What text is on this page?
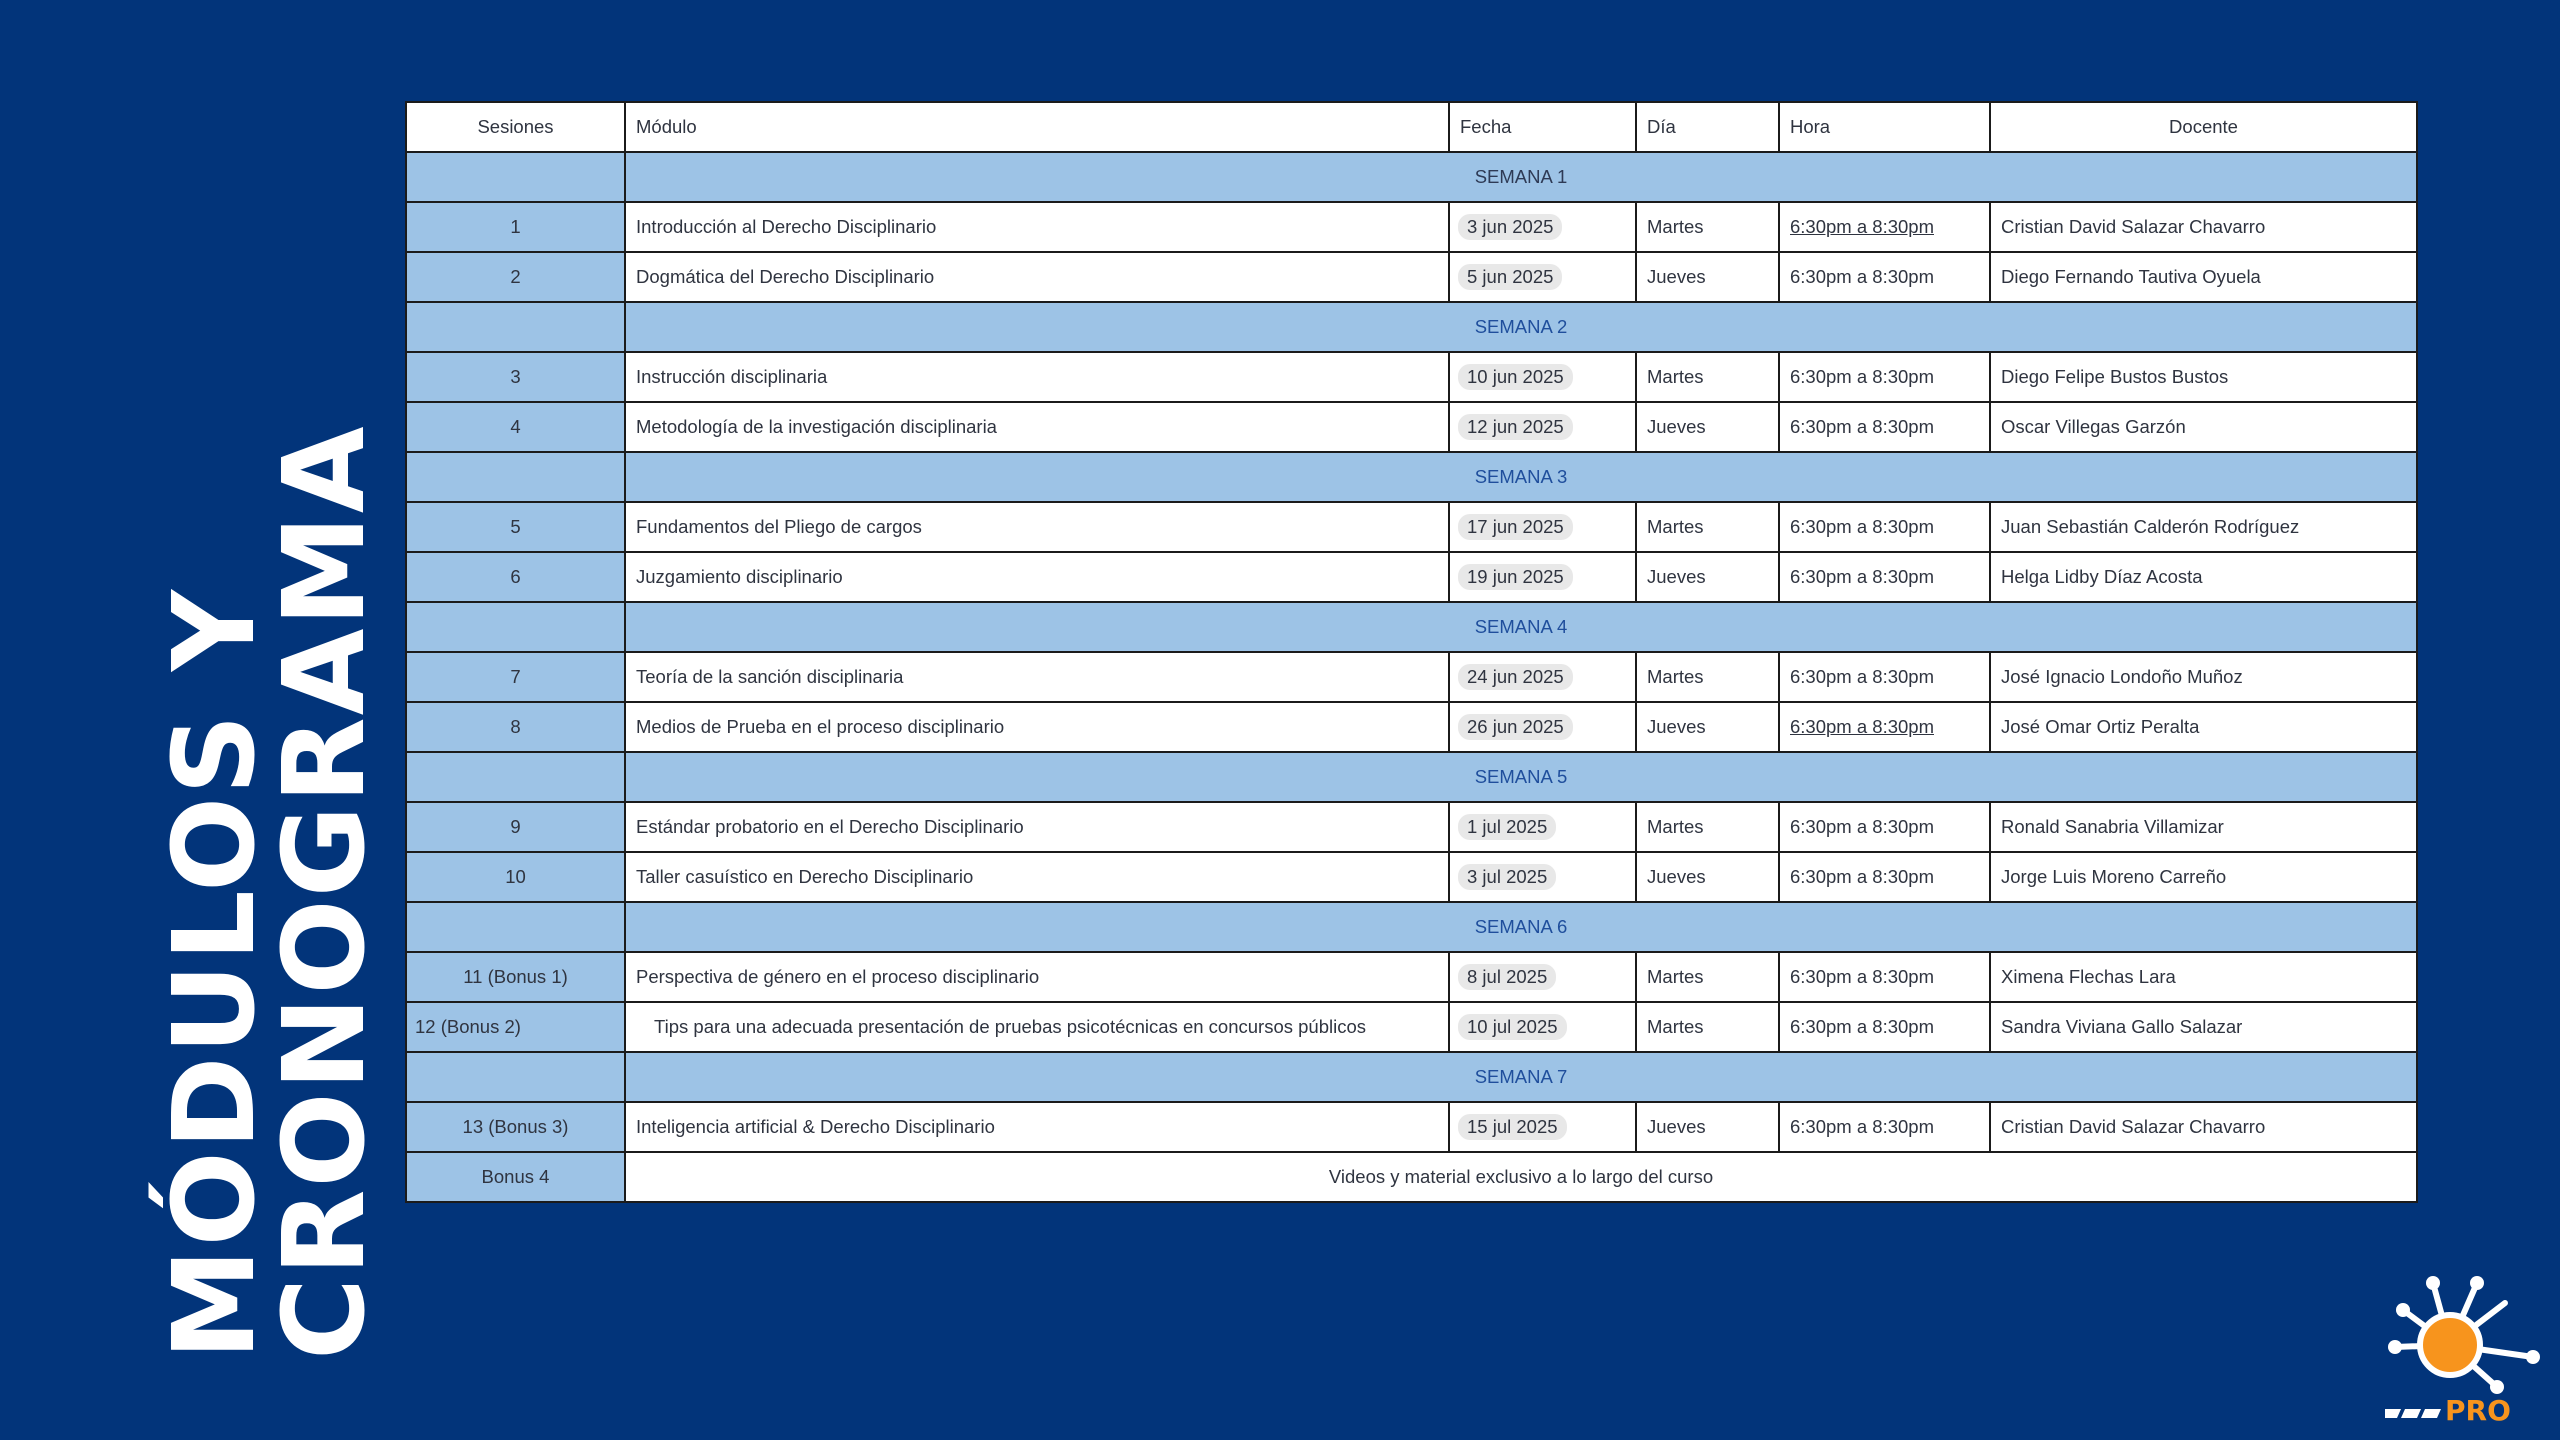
MÓDULOS Y
CRONOGRAMA
Sesiones	Módulo	Fecha	Día	Hora	Docente
	SEMANA 1				
1	Introducción al Derecho Disciplinario	3 jun 2025	Martes	6:30pm a 8:30pm	Cristian David Salazar Chavarro
2	Dogmática del Derecho Disciplinario	5 jun 2025	Jueves	6:30pm a 8:30pm	Diego Fernando Tautiva Oyuela
	SEMANA 2				
3	Instrucción disciplinaria	10 jun 2025	Martes	6:30pm a 8:30pm	Diego Felipe Bustos Bustos
4	Metodología de la investigación disciplinaria	12 jun 2025	Jueves	6:30pm a 8:30pm	Oscar Villegas Garzón
	SEMANA 3				
5	Fundamentos del Pliego de cargos	17 jun 2025	Martes	6:30pm a 8:30pm	Juan Sebastián Calderón Rodríguez
6	Juzgamiento disciplinario	19 jun 2025	Jueves	6:30pm a 8:30pm	Helga Lidby Díaz Acosta
	SEMANA 4				
7	Teoría de la sanción disciplinaria	24 jun 2025	Martes	6:30pm a 8:30pm	José Ignacio Londoño Muñoz
8	Medios de Prueba en el proceso disciplinario	26 jun 2025	Jueves	6:30pm a 8:30pm	José Omar Ortiz Peralta
	SEMANA 5				
9	Estándar probatorio en el Derecho Disciplinario	1 jul 2025	Martes	6:30pm a 8:30pm	Ronald Sanabria Villamizar
10	Taller casuístico en Derecho Disciplinario	3 jul 2025	Jueves	6:30pm a 8:30pm	Jorge Luis Moreno Carreño
	SEMANA 6				
11 (Bonus 1)	Perspectiva de género en el proceso disciplinario	8 jul 2025	Martes	6:30pm a 8:30pm	Ximena Flechas Lara
12 (Bonus 2)	Tips para una adecuada presentación de pruebas psicotécnicas en concursos públicos	10 jul 2025	Martes	6:30pm a 8:30pm	Sandra Viviana Gallo Salazar
	SEMANA 7				
13 (Bonus 3)	Inteligencia artificial & Derecho Disciplinario	15 jul 2025	Jueves	6:30pm a 8:30pm	Cristian David Salazar Chavarro
Bonus 4	Videos y material exclusivo a lo largo del curso				
PRO
